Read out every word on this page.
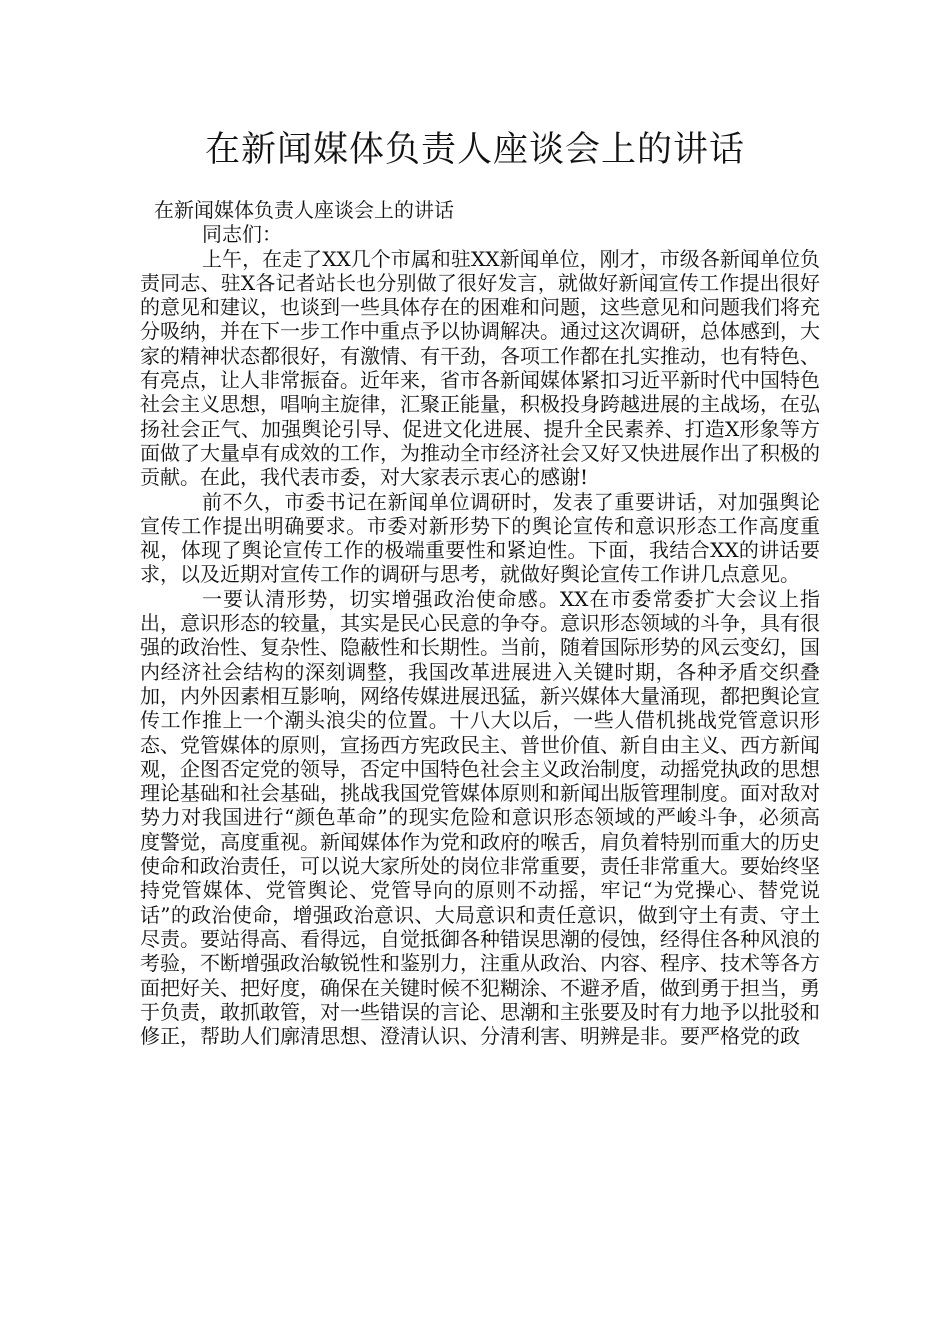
在新闻媒体负责人座谈会上的讲话

在新闻媒体负责人座谈会上的讲话

同志们：

上午，在走了XX几个市属和驻XX新闻单位，刚才，市级各新闻单位负责同志、驻X各记者站长也分别做了很好发言，就做好新闻宣传工作提出很好的意见和建议，也谈到一些具体存在的困难和问题，这些意见和问题我们将充分吸纳，并在下一步工作中重点予以协调解决。通过这次调研，总体感到，大家的精神状态都很好，有激情、有干劲，各项工作都在扎实推动，也有特色、有亮点，让人非常振奋。近年来，省市各新闻媒体紧扣习近平新时代中国特色社会主义思想，唱响主旋律，汇聚正能量，积极投身跨越进展的主战场，在弘扬社会正气、加强舆论引导、促进文化进展、提升全民素养、打造X形象等方面做了大量卓有成效的工作，为推动全市经济社会又好又快进展作出了积极的贡献。在此，我代表市委，对大家表示衷心的感谢!

前不久，市委书记在新闻单位调研时，发表了重要讲话，对加强舆论宣传工作提出明确要求。市委对新形势下的舆论宣传和意识形态工作高度重视，体现了舆论宣传工作的极端重要性和紧迫性。下面，我结合XX的讲话要求，以及近期对宣传工作的调研与思考，就做好舆论宣传工作讲几点意见。

一要认清形势，切实增强政治使命感。XX在市委常委扩大会议上指出，意识形态的较量，其实是民心民意的争夺。意识形态领域的斗争，具有很强的政治性、复杂性、隐蔽性和长期性。当前，随着国际形势的风云变幻，国内经济社会结构的深刻调整，我国改革进展进入关键时期，各种矛盾交织叠加，内外因素相互影响，网络传媒进展迅猛，新兴媒体大量涌现，都把舆论宣传工作推上一个潮头浪尖的位置。十八大以后，一些人借机挑战党管意识形态、党管媒体的原则，宣扬西方宪政民主、普世价值、新自由主义、西方新闻观，企图否定党的领导，否定中国特色社会主义政治制度，动摇党执政的思想理论基础和社会基础，挑战我国党管媒体原则和新闻出版管理制度。面对敌对势力对我国进行“颜色革命”的现实危险和意识形态领域的严峻斗争，必须高度警觉，高度重视。新闻媒体作为党和政府的喉舌，肩负着特别而重大的历史使命和政治责任，可以说大家所处的岗位非常重要，责任非常重大。要始终坚持党管媒体、党管舆论、党管导向的原则不动摇，牢记“为党操心、替党说话”的政治使命，增强政治意识、大局意识和责任意识，做到守土有责、守土尽责。要站得高、看得远，自觉抵御各种错误思潮的侵蚀，经得住各种风浪的考验，不断增强政治敏锐性和鉴别力，注重从政治、内容、程序、技术等各方面把好关、把好度，确保在关键时候不犯糊涂、不避矛盾，做到勇于担当，勇于负责，敢抓敢管，对一些错误的言论、思潮和主张要及时有力地予以批驳和修正，帮助人们廓清思想、澄清认识、分清利害、明辨是非。要严格党的政
